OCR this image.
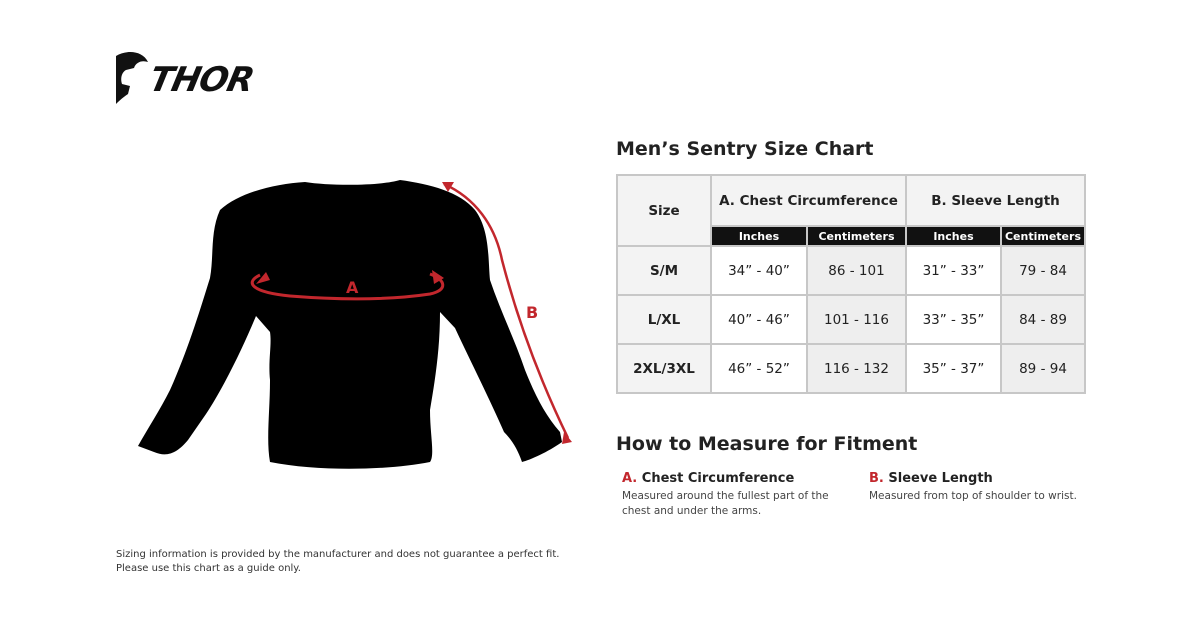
THOR
A
B
Men’s Sentry Size Chart
Size	A. Chest Circumference		B. Sleeve Length	
	Inches	Centimeters	Inches	Centimeters
S/M	34” - 40”	86 - 101	31” - 33”	79 - 84
L/XL	40” - 46”	101 - 116	33” - 35”	84 - 89
2XL/3XL	46” - 52”	116 - 132	35” - 37”	89 - 94
How to Measure for Fitment
A. Chest Circumference
Measured around the fullest part of the
chest and under the arms.
B. Sleeve Length
Measured from top of shoulder to wrist.
Sizing information is provided by the manufacturer and does not guarantee a perfect fit.
Please use this chart as a guide only.
